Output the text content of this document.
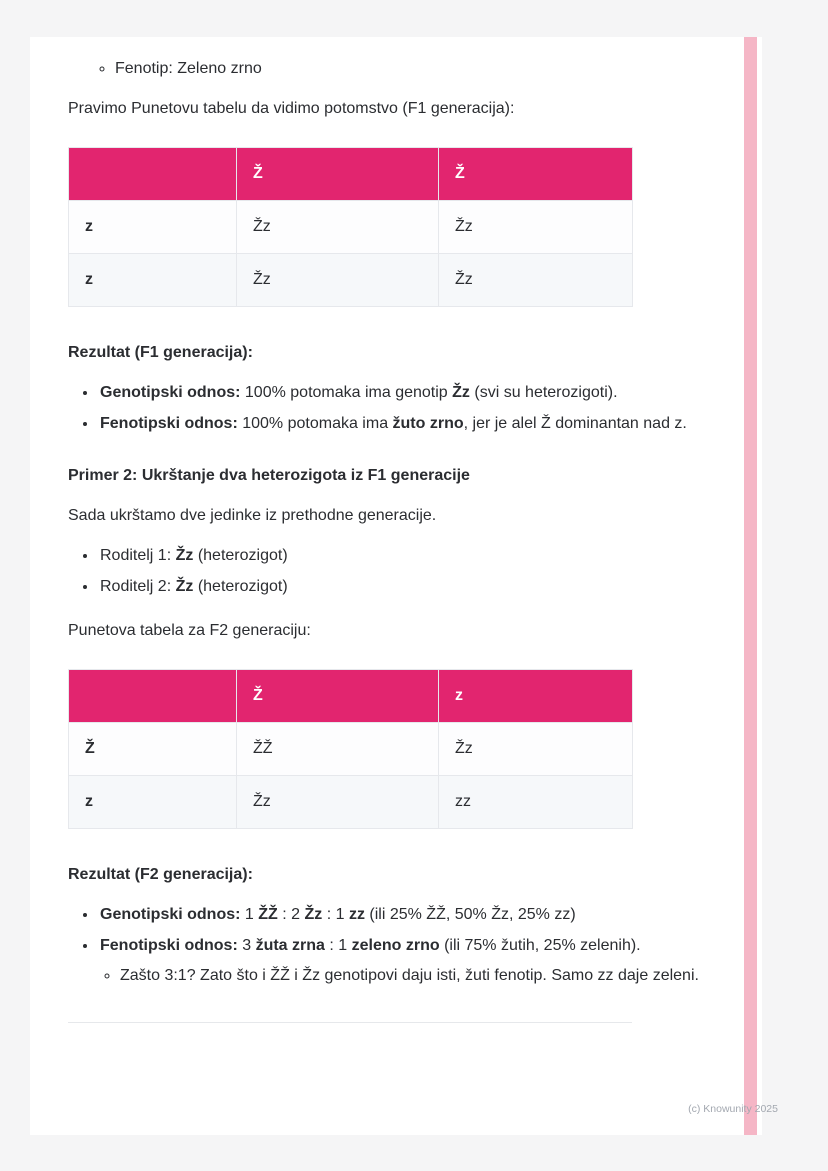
◦ Fenotip: Zeleno zrno

Pravimo Punetovu tabelu da vidimo potomstvo (F1 generacija):

	Ž	Ž
z	Žz	Žz
z	Žz	Žz
Rezultat (F1 generacija):
• Genotipski odnos: 100% potomaka ima genotip Žz (svi su heterozigoti).
• Fenotipski odnos: 100% potomaka ima žuto zrno, jer je alel Ž dominantan nad z.
Primer 2: Ukrštanje dva heterozigota iz F1 generacije

Sada ukrštamo dve jedinke iz prethodne generacije.

• Roditelj 1: Žz (heterozigot)
• Roditelj 2: Žz (heterozigot)

Punetova tabela za F2 generaciju:

	Ž	z
Ž	ŽŽ	Žz
z	Žz	zz
Rezultat (F2 generacija):
• Genotipski odnos: 1 ŽŽ : 2 Žz : 1 zz (ili 25% ŽŽ, 50% Žz, 25% zz)
• Fenotipski odnos: 3 žuta zrna : 1 zeleno zrno (ili 75% žutih, 25% zelenih).
◦ Zašto 3:1? Zato što i ŽŽ i Žz genotipovi daju isti, žuti fenotip. Samo zz daje zeleni.
(c) Knowunity 2025
